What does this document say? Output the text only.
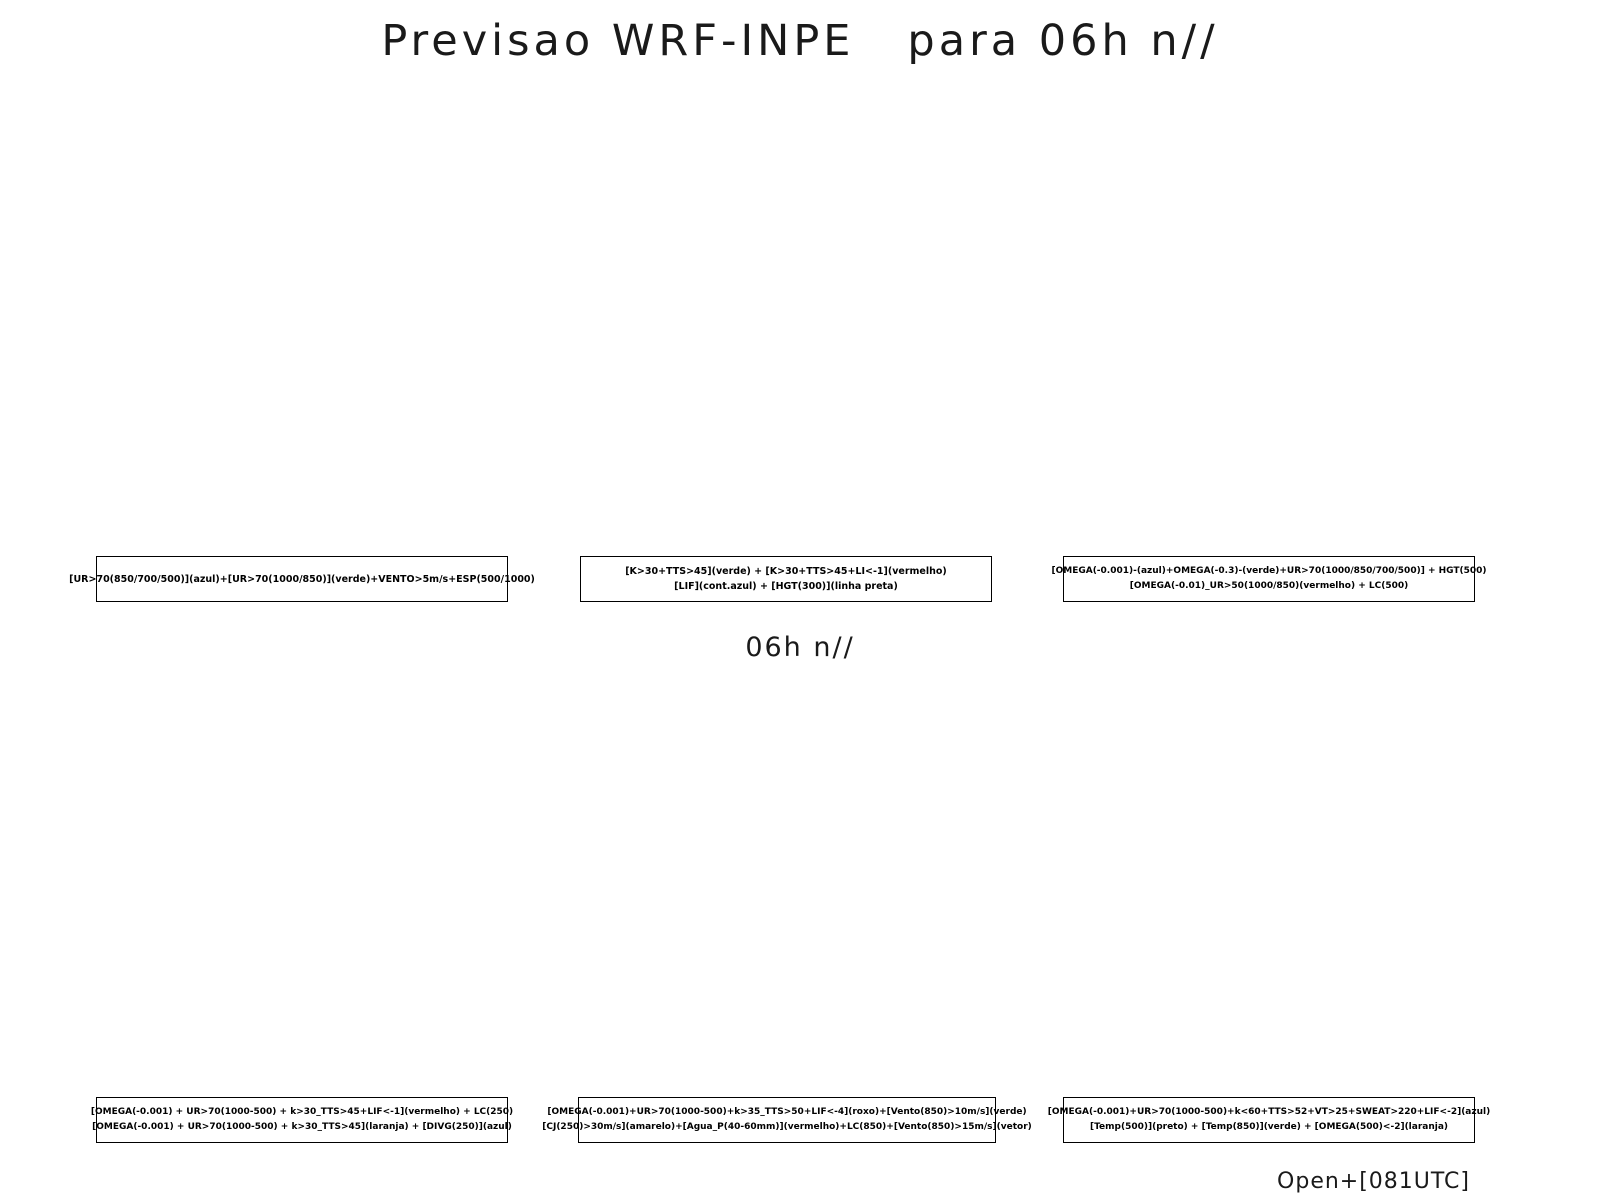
Previsao WRF-INPE   para 06h n//
06h n//
[UR>70(850/700/500)](azul)+[UR>70(1000/850)](verde)+VENTO>5m/s+ESP(500/1000)
[K>30+TTS>45](verde) + [K>30+TTS>45+LI<-1](vermelho)
[LIF](cont.azul) + [HGT(300)](linha preta)
[OMEGA(-0.001)-(azul)+OMEGA(-0.3)-(verde)+UR>70(1000/850/700/500)] + HGT(500)
[OMEGA(-0.01)_UR>50(1000/850)(vermelho) + LC(500)
[OMEGA(-0.001) + UR>70(1000-500) + k>30_TTS>45+LIF<-1](vermelho) + LC(250)
[OMEGA(-0.001) + UR>70(1000-500) + k>30_TTS>45](laranja) + [DIVG(250)](azul)
[OMEGA(-0.001)+UR>70(1000-500)+k>35_TTS>50+LIF<-4](roxo)+[Vento(850)>10m/s](verde)
[CJ(250)>30m/s](amarelo)+[Agua_P(40-60mm)](vermelho)+LC(850)+[Vento(850)>15m/s](vetor)
[OMEGA(-0.001)+UR>70(1000-500)+k<60+TTS>52+VT>25+SWEAT>220+LIF<-2](azul)
[Temp(500)](preto) + [Temp(850)](verde) + [OMEGA(500)<-2](laranja)
Open+[081UTC]
